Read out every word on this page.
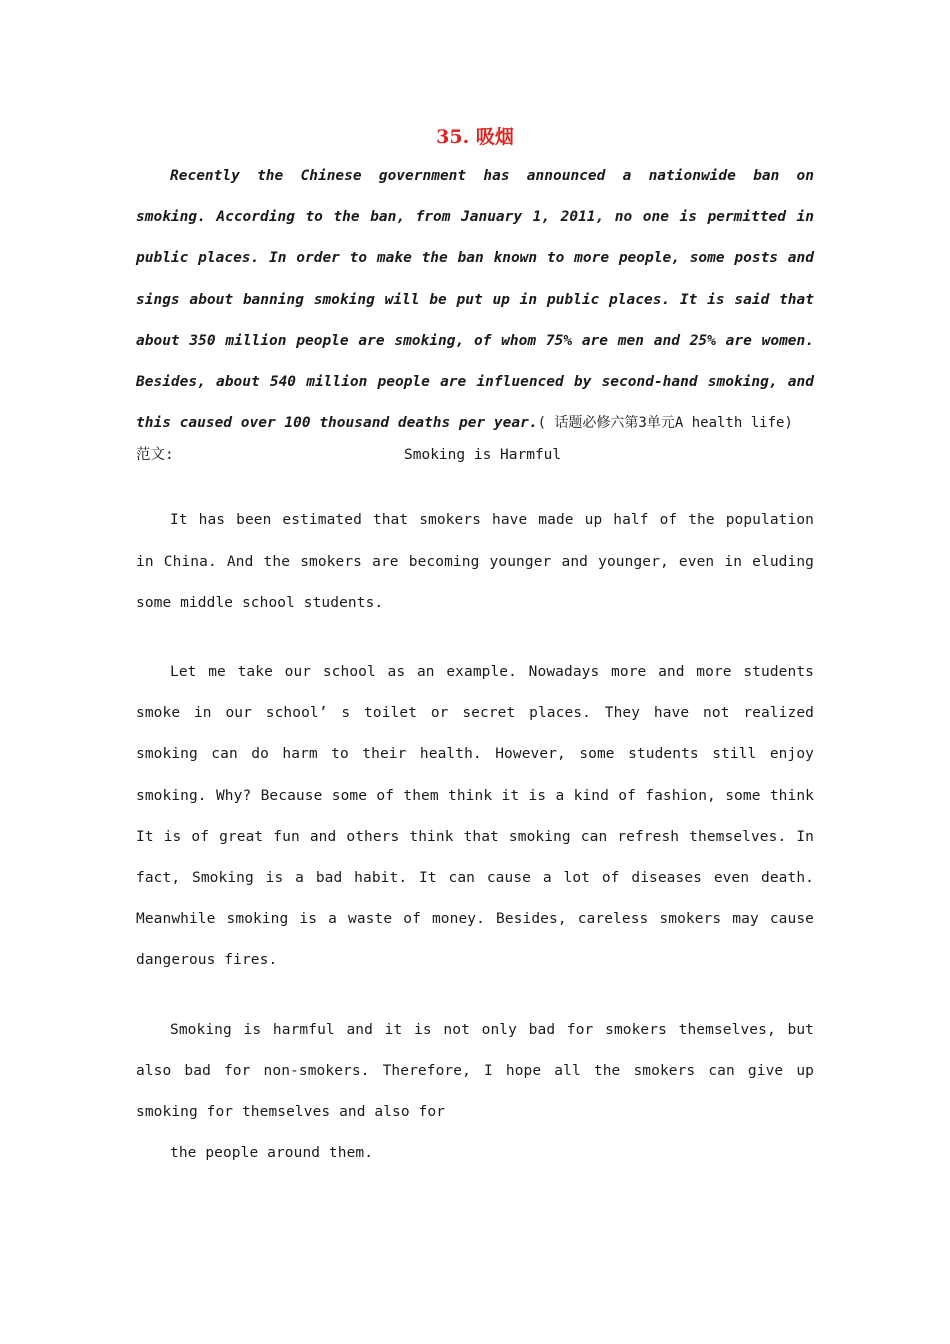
35. 吸烟

Recently the Chinese government has announced a nationwide ban on smoking. According to the ban, from January 1, 2011, no one is permitted in public places. In order to make the ban known to more people, some posts and sings about banning smoking will be put up in public places. It is said that about 350 million people are smoking, of whom 75% are men and 25% are women. Besides, about 540 million people are influenced by second-hand smoking, and this caused over 100 thousand deaths per year.( 话题必修六第3单元A health life)

范文:	Smoking is Harmful

It has been estimated that smokers have made up half of the population in China. And the smokers are becoming younger and younger, even in eluding some middle school students.

Let me take our school as an example. Nowadays more and more students smoke in our school’ s toilet or secret places. They have not realized smoking can do harm to their health. However, some students still enjoy smoking. Why? Because some of them think it is a kind of fashion, some think It is of great fun and others think that smoking can refresh themselves. In fact, Smoking is a bad habit. It can cause a lot of diseases even death. Meanwhile smoking is a waste of money. Besides, careless smokers may cause dangerous fires.

Smoking is harmful and it is not only bad for smokers themselves, but also bad for non-smokers. Therefore, I hope all the smokers can give up smoking for themselves and also for

the people around them.
